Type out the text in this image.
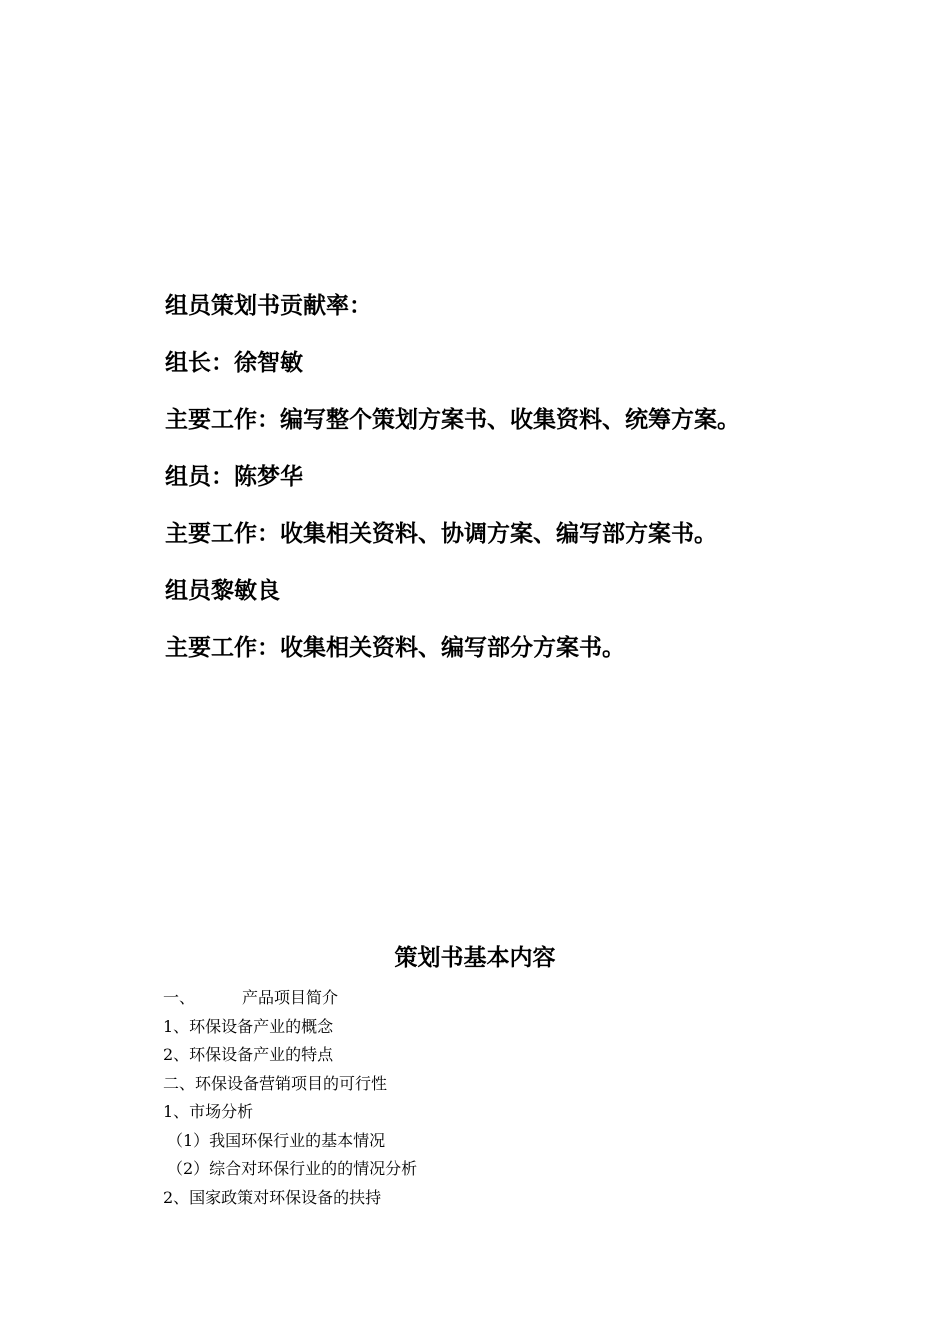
组员策划书贡献率：

组长：徐智敏

主要工作：编写整个策划方案书、收集资料、统筹方案。

组员：陈梦华

主要工作：收集相关资料、协调方案、编写部方案书。

组员黎敏良

主要工作：收集相关资料、编写部分方案书。

策划书基本内容

一、	产品项目简介

1、环保设备产业的概念

2、环保设备产业的特点

二、环保设备营销项目的可行性

1、市场分析

（1）我国环保行业的基本情况

（2）综合对环保行业的的情况分析

2、国家政策对环保设备的扶持
